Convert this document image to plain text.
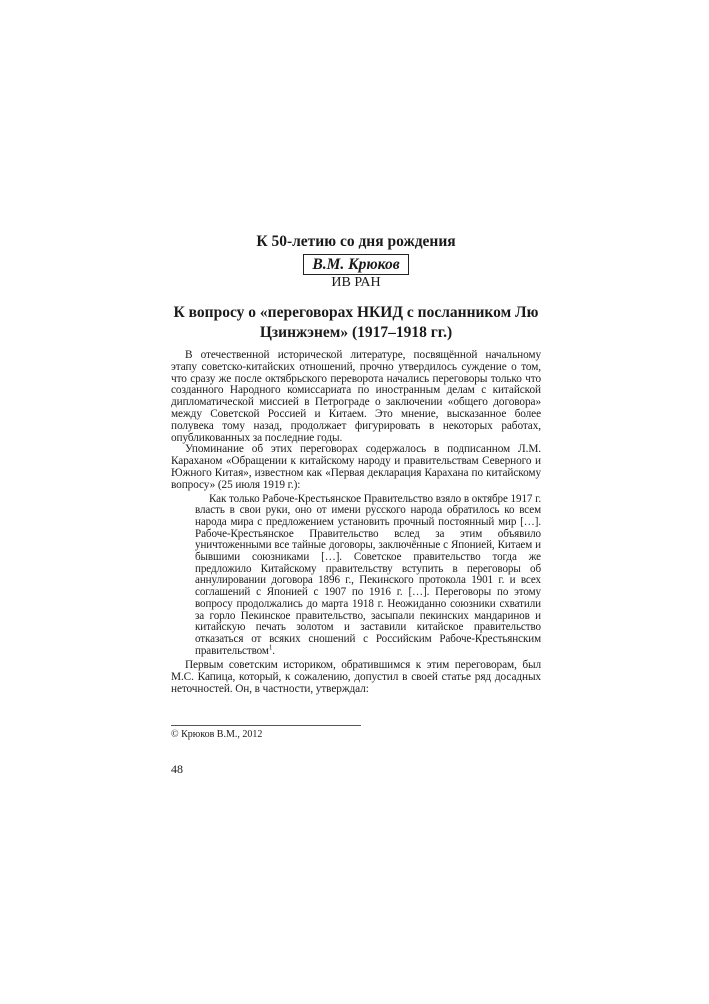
К 50-летию со дня рождения
В.М. Крюков
ИВ РАН
К вопросу о «переговорах НКИД с посланником Лю Цзинжэнем» (1917–1918 гг.)

В отечественной исторической литературе, посвящённой начальному этапу советско-китайских отношений, прочно утвердилось суждение о том, что сразу же после октябрьского переворота начались переговоры только что созданного Народного комиссариата по иностранным делам с китайской дипломатической миссией в Петрограде о заключении «общего договора» между Советской Россией и Китаем. Это мнение, высказанное более полувека тому назад, продолжает фигурировать в некоторых работах, опубликованных за последние годы.

Упоминание об этих переговорах содержалось в подписанном Л.М. Караханом «Обращении к китайскому народу и правительствам Северного и Южного Китая», известном как «Первая декларация Карахана по китайскому вопросу» (25 июля 1919 г.):

Как только Рабоче-Крестьянское Правительство взяло в октябре 1917 г. власть в свои руки, оно от имени русского народа обратилось ко всем народа мира с предложением установить прочный постоянный мир […]. Рабоче-Крестьянское Правительство вслед за этим объявило уничтоженными все тайные договоры, заключённые с Японией, Китаем и бывшими союзниками […]. Советское правительство тогда же предложило Китайскому правительству вступить в переговоры об аннулировании договора 1896 г., Пекинского протокола 1901 г. и всех соглашений с Японией с 1907 по 1916 г. […]. Переговоры по этому вопросу продолжались до марта 1918 г. Неожиданно союзники схватили за горло Пекинское правительство, засыпали пекинских мандаринов и китайскую печать золотом и заставили китайское правительство отказаться от всяких сношений с Российским Рабоче-Крестьянским правительством$^1$.

Первым советским историком, обратившимся к этим переговорам, был М.С. Капица, который, к сожалению, допустил в своей статье ряд досадных неточностей. Он, в частности, утверждал:

© Крюков В.М., 2012
48
